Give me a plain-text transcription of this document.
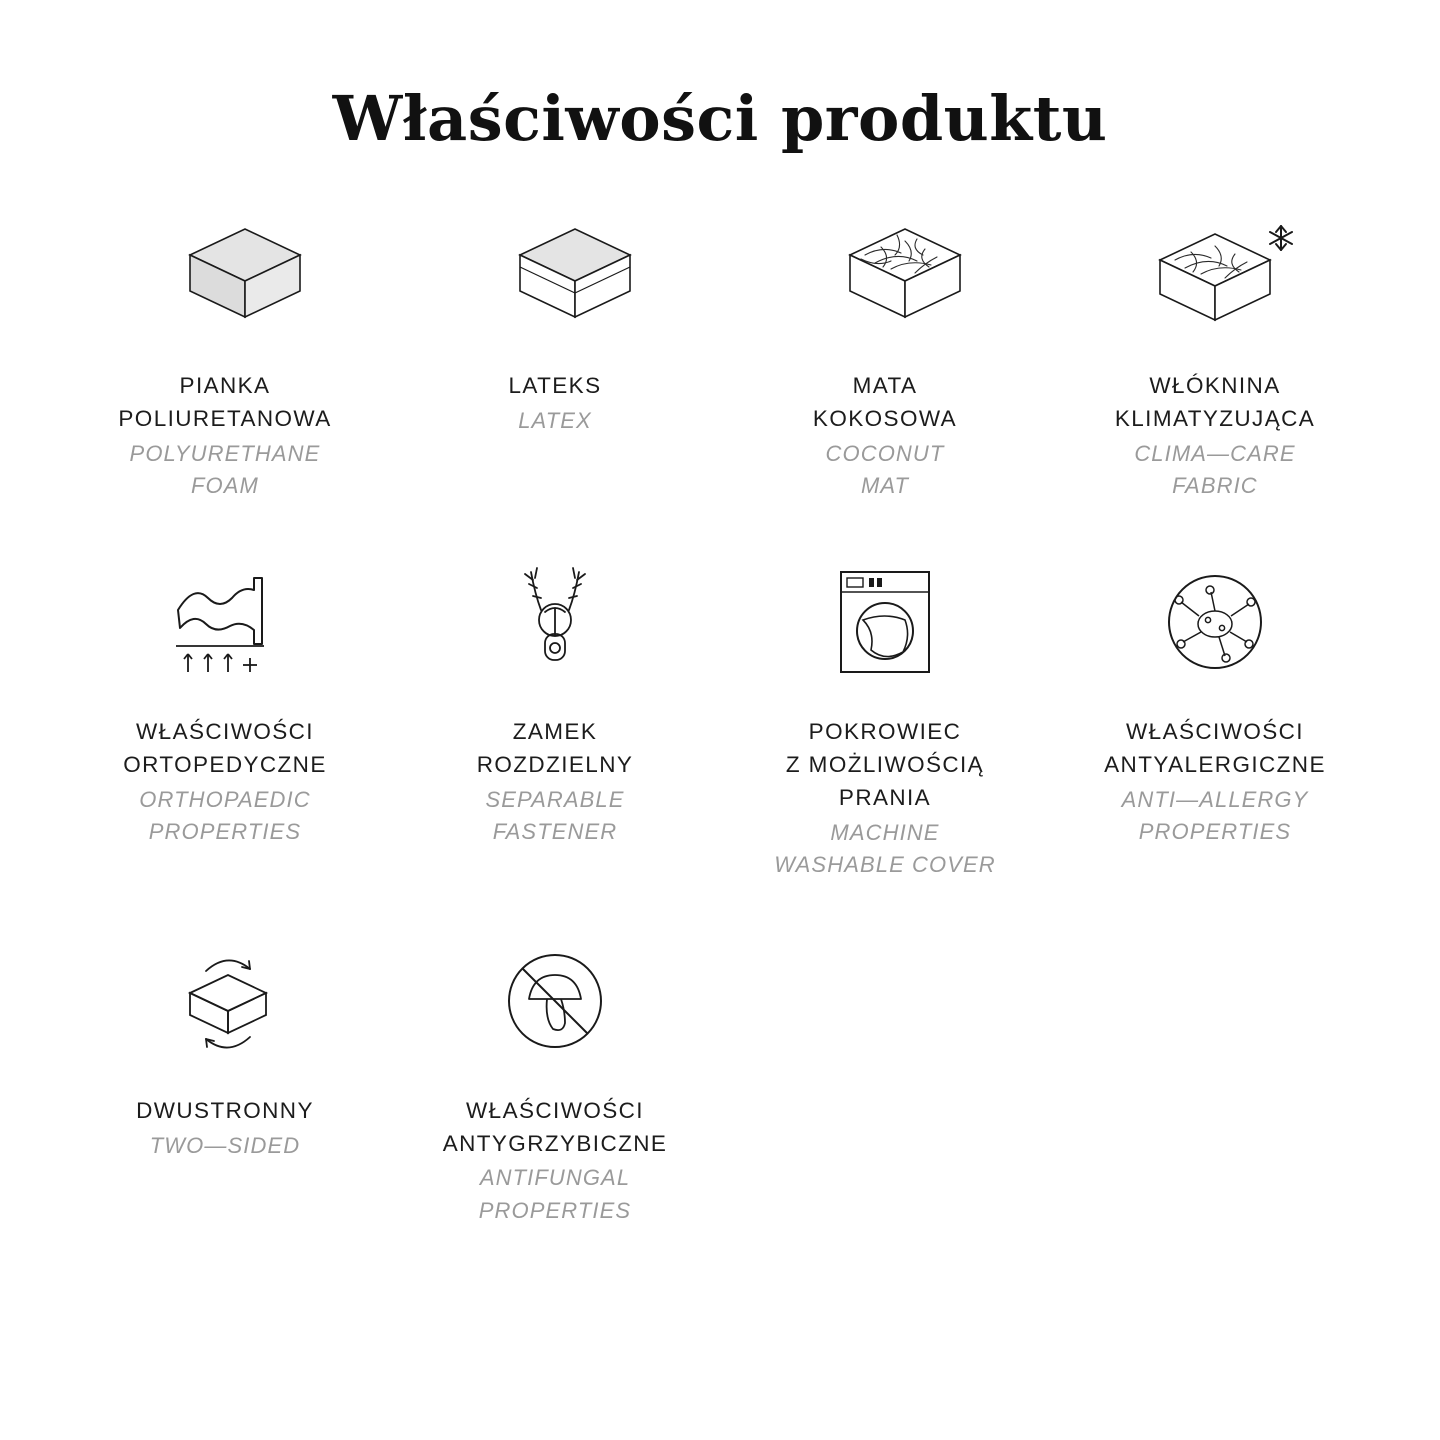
Właściwości produktu
PIANKA
POLIURETANOWA
POLYURETHANE
FOAM
LATEKS
LATEX
MATA
KOKOSOWA
COCONUT
MAT
WŁÓKNINA
KLIMATYZUJĄCA
CLIMA—CARE
FABRIC
WŁAŚCIWOŚCI
ORTOPEDYCZNE
ORTHOPAEDIC
PROPERTIES
ZAMEK
ROZDZIELNY
SEPARABLE
FASTENER
POKROWIEC
Z MOŻLIWOŚCIĄ
PRANIA
MACHINE
WASHABLE COVER
WŁAŚCIWOŚCI
ANTYALERGICZNE
ANTI—ALLERGY
PROPERTIES
DWUSTRONNY
TWO—SIDED
WŁAŚCIWOŚCI
ANTYGRZYBICZNE
ANTIFUNGAL
PROPERTIES
